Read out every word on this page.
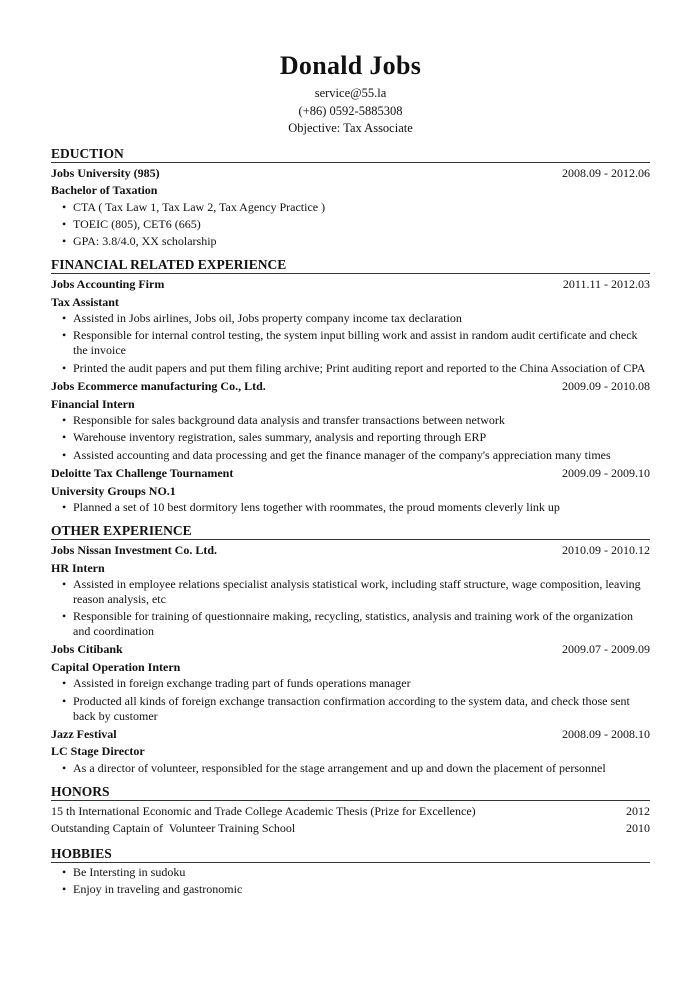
Donald Jobs
service@55.la
(+86) 0592-5885308
Objective: Tax Associate
EDUCTION
Jobs University (985)	2008.09 - 2012.06
Bachelor of Taxation
• CTA ( Tax Law 1, Tax Law 2, Tax Agency Practice )
• TOEIC (805), CET6 (665)
• GPA: 3.8/4.0, XX scholarship
FINANCIAL RELATED EXPERIENCE
Jobs Accounting Firm	2011.11 - 2012.03
Tax Assistant
• Assisted in Jobs airlines, Jobs oil, Jobs property company income tax declaration
• Responsible for internal control testing, the system input billing work and assist in random audit certificate and check the invoice
• Printed the audit papers and put them filing archive; Print auditing report and reported to the China Association of CPA
Jobs Ecommerce manufacturing Co., Ltd.	2009.09 - 2010.08
Financial Intern
• Responsible for sales background data analysis and transfer transactions between network
• Warehouse inventory registration, sales summary, analysis and reporting through ERP
• Assisted accounting and data processing and get the finance manager of the company's appreciation many times
Deloitte Tax Challenge Tournament	2009.09 - 2009.10
University Groups NO.1
• Planned a set of 10 best dormitory lens together with roommates, the proud moments cleverly link up
OTHER EXPERIENCE
Jobs Nissan Investment Co. Ltd.	2010.09 - 2010.12
HR Intern
• Assisted in employee relations specialist analysis statistical work, including staff structure, wage composition, leaving reason analysis, etc
• Responsible for training of questionnaire making, recycling, statistics, analysis and training work of the organization and coordination
Jobs Citibank	2009.07 - 2009.09
Capital Operation Intern
• Assisted in foreign exchange trading part of funds operations manager
• Producted all kinds of foreign exchange transaction confirmation according to the system data, and check those sent back by customer
Jazz Festival	2008.09 - 2008.10
LC Stage Director
• As a director of volunteer, responsibled for the stage arrangement and up and down the placement of personnel
HONORS
15 th International Economic and Trade College Academic Thesis (Prize for Excellence)	2012
Outstanding Captain of  Volunteer Training School	2010
HOBBIES
• Be Intersting in sudoku
• Enjoy in traveling and gastronomic
